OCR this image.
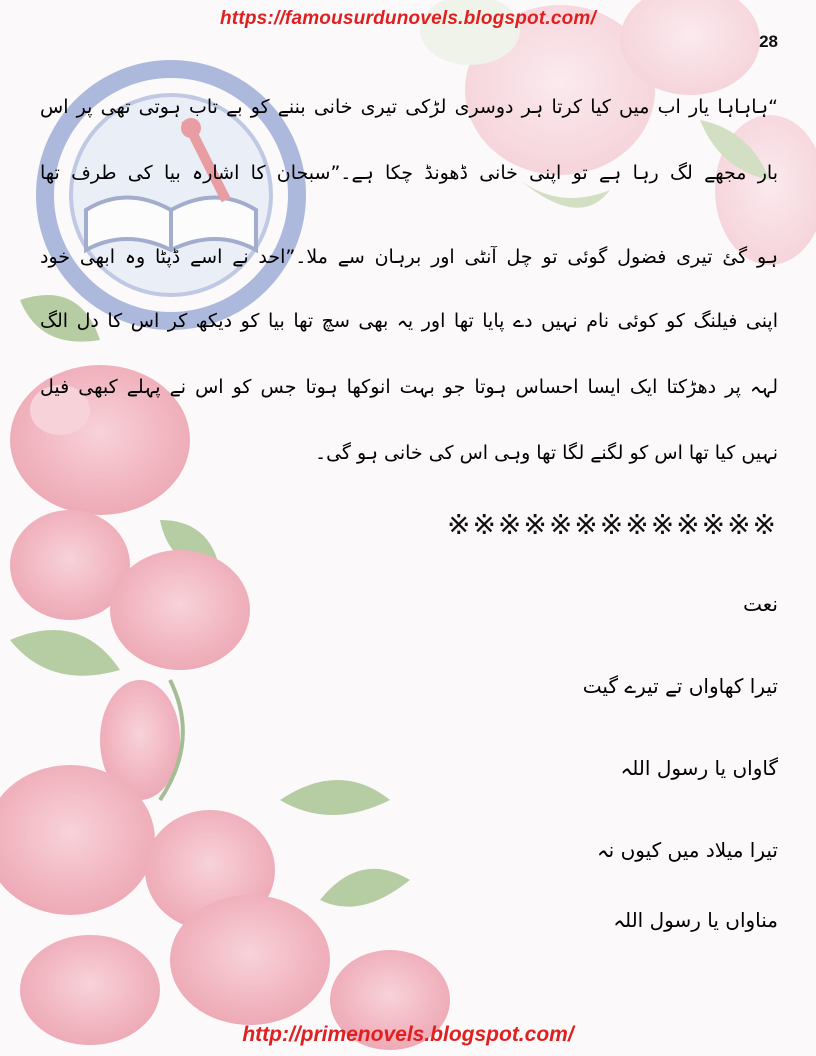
https://famousurdunovels.blogspot.com/
28
“ہاہاہا یار اب میں کیا کرتا ہر دوسری لڑکی تیری خانی بننے کو بے تاب ہوتی تھی پر اس
بار مجھے لگ رہا ہے تو اپنی خانی ڈھونڈ چکا ہے۔”سبحان کا اشارہ بیا کی طرف تھا
ہو گئ تیری فضول گوئی تو چل آنٹی اور برہان سے ملا۔”احد نے اسے ڈپٹا وہ ابھی خود
اپنی فیلنگ کو کوئی نام نہیں دے پایا تھا اور یہ بھی سچ تھا بیا کو دیکھ کر اس کا دل الگ
لہہ پر دھڑکتا ایک ایسا احساس ہوتا جو بہت انوکھا ہوتا جس کو اس نے پہلے کبھی فیل
نہیں کیا تھا اس کو لگنے لگا تھا وہی اس کی خانی ہو گی۔
※※※※※※※※※※※※※
نعت
تیرا کھاواں تے تیرے گیت
گاواں یا رسول اللہ
تیرا میلاد میں کیوں نہ
مناواں یا رسول اللہ
http://primenovels.blogspot.com/
